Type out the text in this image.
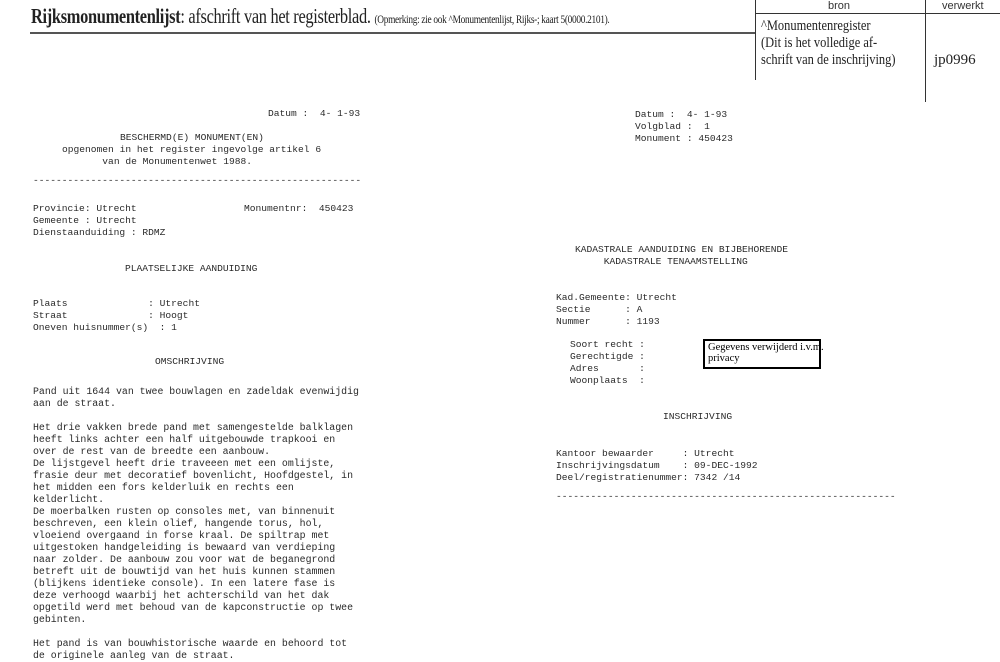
Rijksmonumentenlijst: afschrift van het registerblad. (Opmerking: zie ook ^Monumentenlijst, Rijks-; kaart 5(0000.2101).
bron	verwerkt
^Monumentenregister
(Dit is het volledige af-
schrift van de inschrijving)	jp0996
Datum :  4- 1-93
BESCHERMD(E) MONUMENT(EN)
opgenomen in het register ingevolge artikel 6
van de Monumentenwet 1988.
---------------------------------------------------------
Provincie: Utrecht
Gemeente : Utrecht
Dienstaanduiding : RDMZ
Monumentnr:  450423
PLAATSELIJKE AANDUIDING
Plaats              : Utrecht
Straat              : Hoogt
Oneven huisnummer(s)  : 1
OMSCHRIJVING
Pand uit 1644 van twee bouwlagen en zadeldak evenwijdig
aan de straat.

Het drie vakken brede pand met samengestelde balklagen
heeft links achter een half uitgebouwde trapkooi en
over de rest van de breedte een aanbouw.
De lijstgevel heeft drie traveeen met een omlijste,
frasie deur met decoratief bovenlicht, Hoofdgestel, in
het midden een fors kelderluik en rechts een
kelderlicht.
De moerbalken rusten op consoles met, van binnenuit
beschreven, een klein olief, hangende torus, hol,
vloeiend overgaand in forse kraal. De spiltrap met
uitgestoken handgeleiding is bewaard van verdieping
naar zolder. De aanbouw zou voor wat de beganegrond
betreft uit de bouwtijd van het huis kunnen stammen
(blijkens identieke console). In een latere fase is
deze verhoogd waarbij het achterschild van het dak
opgetild werd met behoud van de kapconstructie op twee
gebinten.

Het pand is van bouwhistorische waarde en behoord tot
de originele aanleg van de straat.
Datum :  4- 1-93
Volgblad :  1
Monument : 450423
KADASTRALE AANDUIDING EN BIJBEHORENDE
KADASTRALE TENAAMSTELLING
Kad.Gemeente: Utrecht
Sectie      : A
Nummer      : 1193
Soort recht :
Gerechtigde :
Adres       :
Woonplaats  :
Gegevens verwijderd i.v.m.
privacy
INSCHRIJVING
Kantoor bewaarder     : Utrecht
Inschrijvingsdatum    : 09-DEC-1992
Deel/registratienummer: 7342 /14
-----------------------------------------------------------
